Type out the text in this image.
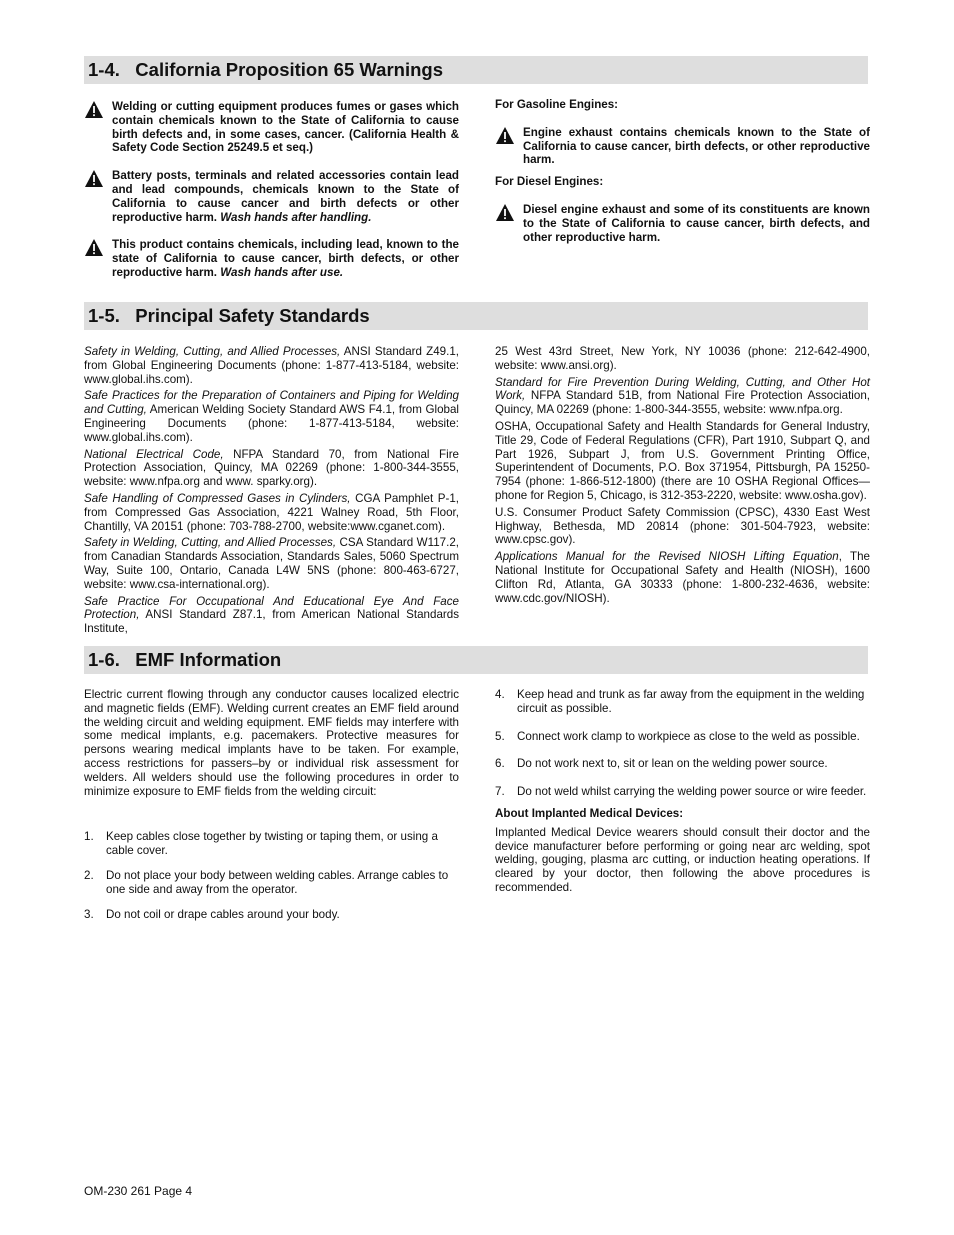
1-4.   California Proposition 65 Warnings
Welding or cutting equipment produces fumes or gases which contain chemicals known to the State of California to cause birth defects and, in some cases, cancer. (California Health & Safety Code Section 25249.5 et seq.)
Battery posts, terminals and related accessories contain lead and lead compounds, chemicals known to the State of California to cause cancer and birth defects or other reproductive harm. Wash hands after handling.
This product contains chemicals, including lead, known to the state of California to cause cancer, birth defects, or other reproductive harm. Wash hands after use.
For Gasoline Engines:
Engine exhaust contains chemicals known to the State of California to cause cancer, birth defects, or other reproductive harm.
For Diesel Engines:
Diesel engine exhaust and some of its constituents are known to the State of California to cause cancer, birth defects, and other reproductive harm.
1-5.   Principal Safety Standards

Safety in Welding, Cutting, and Allied Processes, ANSI Standard Z49.1, from Global Engineering Documents (phone: 1-877-413-5184, website: www.global.ihs.com).

Safe Practices for the Preparation of Containers and Piping for Welding and Cutting, American Welding Society Standard AWS F4.1, from Global Engineering Documents (phone: 1-877-413-5184, website: www.global.ihs.com).

National Electrical Code, NFPA Standard 70, from National Fire Protection Association, Quincy, MA 02269 (phone: 1-800-344-3555, website: www.nfpa.org and www. sparky.org).

Safe Handling of Compressed Gases in Cylinders, CGA Pamphlet P-1, from Compressed Gas Association, 4221 Walney Road, 5th Floor, Chantilly, VA 20151 (phone: 703-788-2700, website:www.cganet.com).

Safety in Welding, Cutting, and Allied Processes, CSA Standard W117.2, from Canadian Standards Association, Standards Sales, 5060 Spectrum Way, Suite 100, Ontario, Canada L4W 5NS (phone: 800-463-6727, website: www.csa-international.org).

Safe Practice For Occupational And Educational Eye And Face Protection, ANSI Standard Z87.1, from American National Standards Institute,

25 West 43rd Street, New York, NY 10036 (phone: 212-642-4900, website: www.ansi.org).

Standard for Fire Prevention During Welding, Cutting, and Other Hot Work, NFPA Standard 51B, from National Fire Protection Association, Quincy, MA 02269 (phone: 1-800-344-3555, website: www.nfpa.org.

OSHA, Occupational Safety and Health Standards for General Industry, Title 29, Code of Federal Regulations (CFR), Part 1910, Subpart Q, and Part 1926, Subpart J, from U.S. Government Printing Office, Superintendent of Documents, P.O. Box 371954, Pittsburgh, PA 15250-7954 (phone: 1-866-512-1800) (there are 10 OSHA Regional Offices—phone for Region 5, Chicago, is 312-353-2220, website: www.osha.gov).

U.S. Consumer Product Safety Commission (CPSC), 4330 East West Highway, Bethesda, MD 20814 (phone: 301-504-7923, website: www.cpsc.gov).

Applications Manual for the Revised NIOSH Lifting Equation, The National Institute for Occupational Safety and Health (NIOSH), 1600 Clifton Rd, Atlanta, GA 30333 (phone: 1-800-232-4636, website: www.cdc.gov/NIOSH).

1-6.   EMF Information

Electric current flowing through any conductor causes localized electric and magnetic fields (EMF). Welding current creates an EMF field around the welding circuit and welding equipment. EMF fields may interfere with some medical implants, e.g. pacemakers. Protective measures for persons wearing medical implants have to be taken. For example, access restrictions for passers–by or individual risk assessment for welders. All welders should use the following procedures in order to minimize exposure to EMF fields from the welding circuit:

1.	Keep cables close together by twisting or taping them, or using a cable cover.
2.	Do not place your body between welding cables. Arrange cables to one side and away from the operator.
3.	Do not coil or drape cables around your body.
4.	Keep head and trunk as far away from the equipment in the welding circuit as possible.
5.	Connect work clamp to workpiece as close to the weld as possible.
6.	Do not work next to, sit or lean on the welding power source.
7.	Do not weld whilst carrying the welding power source or wire feeder.
About Implanted Medical Devices:

Implanted Medical Device wearers should consult their doctor and the device manufacturer before performing or going near arc welding, spot welding, gouging, plasma arc cutting, or induction heating operations. If cleared by your doctor, then following the above procedures is recommended.

OM-230 261 Page 4
